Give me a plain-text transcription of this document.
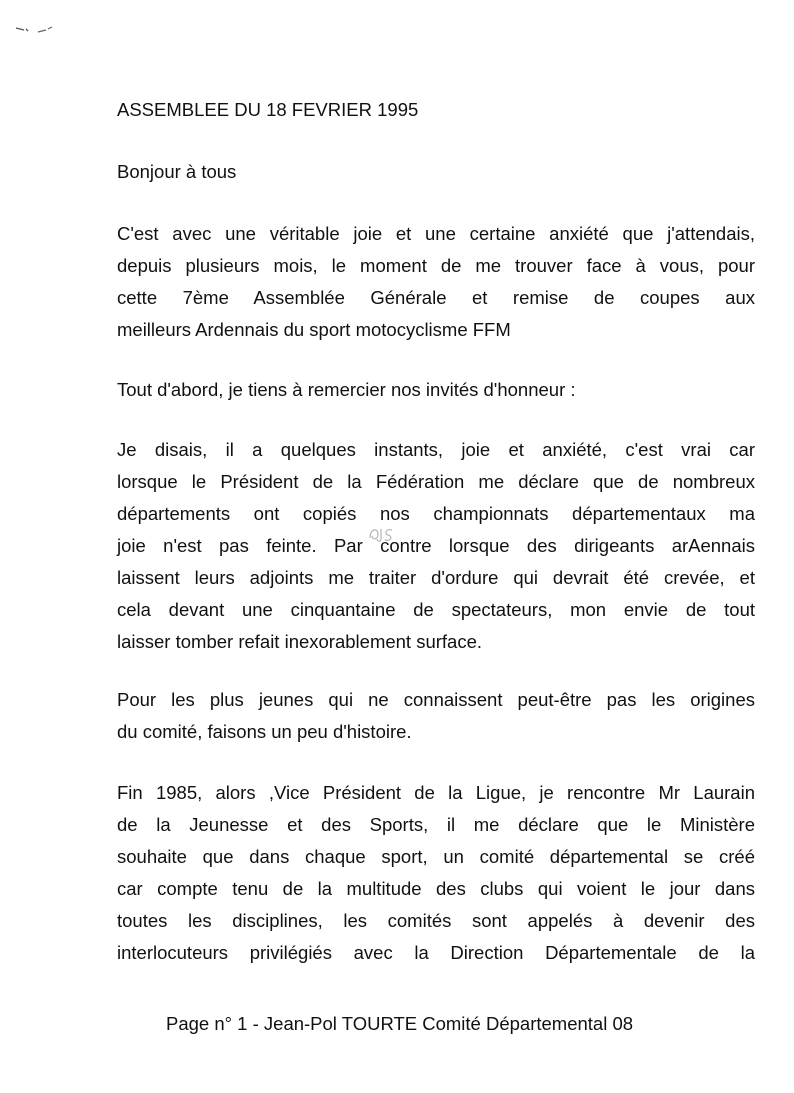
ASSEMBLEE DU 18 FEVRIER 1995

Bonjour à tous

C'est avec une véritable joie et une certaine anxiété que j'attendais,
depuis plusieurs mois, le moment de me trouver face à vous, pour
cette 7ème Assemblée Générale et remise de coupes aux
meilleurs Ardennais du sport motocyclisme FFM

Tout d'abord, je tiens à remercier nos invités d'honneur :

Je disais, il a quelques instants, joie et anxiété, c'est vrai car
lorsque le Président de la Fédération me déclare que de nombreux
départements ont copiés nos championnats départementaux ma
joie n'est pas feinte. Par contre lorsque des dirigeants arAennais
laissent leurs adjoints me traiter d'ordure qui devrait été crevée, et
cela devant une cinquantaine de spectateurs, mon envie de tout
laisser tomber refait inexorablement surface.
Pour les plus jeunes qui ne connaissent peut-être pas les origines
du comité, faisons un peu d'histoire.
Fin 1985, alors ,Vice Président de la Ligue, je rencontre Mr Laurain
de la Jeunesse et des Sports, il me déclare que le Ministère
souhaite que dans chaque sport, un comité départemental se créé
car compte tenu de la multitude des clubs qui voient le jour dans
toutes les disciplines, les comités sont appelés à devenir des
interlocuteurs privilégiés avec la Direction Départementale de la

Page n° 1 - Jean-Pol TOURTE Comité Départemental 08
